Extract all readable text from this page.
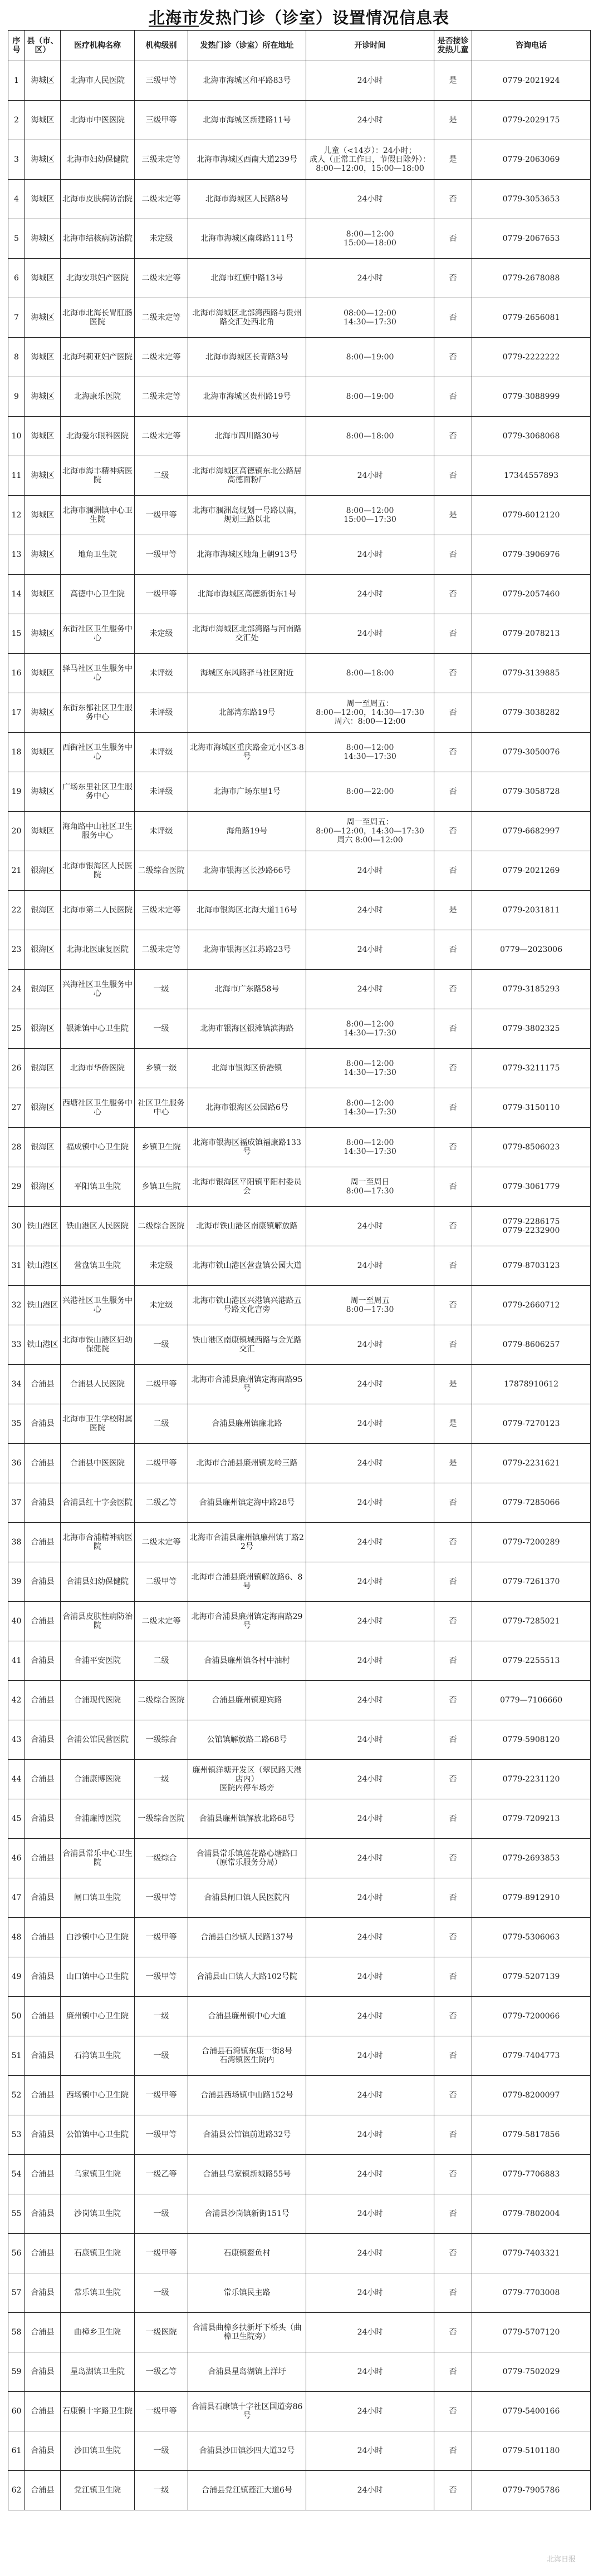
北海市发热门诊（诊室）设置情况信息表
序号	县（市、区）	医疗机构名称	机构级别	发热门诊（诊室）所在地址	开诊时间	是否接诊发热儿童	咨询电话
1	海城区	北海市人民医院	三级甲等	北海市海城区和平路83号	24小时	是	0779-2021924
2	海城区	北海市中医医院	三级甲等	北海市海城区新建路11号	24小时	是	0779-2029175
3	海城区	北海市妇幼保健院	三级未定等	北海市海城区西南大道239号	儿童（<14岁）：24小时；
成人（正常工作日，节假日除外）：
8:00—12:00，15:00—18:00	是	0779-2063069
4	海城区	北海市皮肤病防治院	二级未定等	北海市海城区人民路8号	24小时	否	0779-3053653
5	海城区	北海市结核病防治院	未定级	北海市海城区南珠路111号	8:00—12:00
15:00—18:00	否	0779-2067653
6	海城区	北海安琪妇产医院	二级未定等	北海市红旗中路13号	24小时	否	0779-2678088
7	海城区	北海市北海长胃肛肠医院	二级未定等	北海市海城区北部湾西路与贵州路交汇处西北角	08:00—12:00
14:30—17:30	否	0779-2656081
8	海城区	北海玛莉亚妇产医院	二级未定等	北海市海城区长青路3号	8:00—19:00	否	0779-2222222
9	海城区	北海康乐医院	二级未定等	北海市海城区贵州路19号	8:00—19:00	否	0779-3088999
10	海城区	北海爱尔眼科医院	二级未定等	北海市四川路30号	8:00—18:00	否	0779-3068068
11	海城区	北海市海丰精神病医院	二级	北海市海城区高德镇东北公路居高德面粉厂	24小时	否	17344557893
12	海城区	北海市涠洲镇中心卫生院	一级甲等	北海市涠洲岛规划一号路以南，规划三路以北	8:00—12:00
15:00—17:30	是	0779-6012120
13	海城区	地角卫生院	一级甲等	北海市海城区地角上朝913号	24小时	否	0779-3906976
14	海城区	高德中心卫生院	一级甲等	北海市海城区高德新街东1号	24小时	否	0779-2057460
15	海城区	东街社区卫生服务中心	未定级	北海市海城区北部湾路与河南路交汇处	24小时	否	0779-2078213
16	海城区	驿马社区卫生服务中心	未评级	海城区东风路驿马社区附近	8:00—18:00	否	0779-3139885
17	海城区	东街东都社区卫生服务中心	未评级	北部湾东路19号	周一至周五：
8:00—12:00，14:30—17:30
周六：8:00—12:00	否	0779-3038282
18	海城区	西街社区卫生服务中心	未评级	北海市海城区重庆路金元小区3-8号	8:00—12:00
14:30—17:30	否	0779-3050076
19	海城区	广场东里社区卫生服务中心	未评级	北海市广场东里1号	8:00—22:00	否	0779-3058728
20	海城区	海角路中山社区卫生服务中心	未评级	海角路19号	周一至周五：
8:00—12:00，14:30—17:30
周六 8:00—12:00	否	0779-6682997
21	银海区	北海市银海区人民医院	二级综合医院	北海市银海区长沙路66号	24小时	否	0779-2021269
22	银海区	北海市第二人民医院	三级未定等	北海市银海区北海大道116号	24小时	是	0779-2031811
23	银海区	北海北医康复医院	二级未定等	北海市银海区江苏路23号	24小时	否	0779—2023006
24	银海区	兴海社区卫生服务中心	一级	北海市广东路58号	24小时	否	0779-3185293
25	银海区	银滩镇中心卫生院	一级	北海市银海区银滩镇滨海路	8:00—12:00
14:30—17:30	否	0779-3802325
26	银海区	北海市华侨医院	乡镇一级	北海市银海区侨港镇	8:00—12:00
14:30—17:30	否	0779-3211175
27	银海区	西塘社区卫生服务中心	社区卫生服务中心	北海市银海区公园路6号	8:00—12:00
14:30—17:30	否	0779-3150110
28	银海区	福成镇中心卫生院	乡镇卫生院	北海市银海区福成镇福康路133号	8:00—12:00
14:30—17:30	否	0779-8506023
29	银海区	平阳镇卫生院	乡镇卫生院	北海市银海区平阳镇平阳村委员会	周一至周日
8:00—17:30	否	0779-3061779
30	铁山港区	铁山港区人民医院	二级综合医院	北海市铁山港区南康镇解放路	24小时	否	0779-2286175
0779-2232900
31	铁山港区	营盘镇卫生院	未定级	北海市铁山港区营盘镇公园大道	24小时	否	0779-8703123
32	铁山港区	兴港社区卫生服务中心	未定级	北海市铁山港区兴港镇兴港路五号路文化宫旁	周一至周五
8:00—17:30	否	0779-2660712
33	铁山港区	北海市铁山港区妇幼保健院	一级	铁山港区南康镇城西路与金光路交汇	24小时	否	0779-8606257
34	合浦县	合浦县人民医院	二级甲等	北海市合浦县廉州镇定海南路95号	24小时	是	17878910612
35	合浦县	北海市卫生学校附属医院	二级	合浦县廉州镇廉北路	24小时	是	0779-7270123
36	合浦县	合浦县中医医院	二级甲等	北海市合浦县廉州镇龙岭三路	24小时	是	0779-2231621
37	合浦县	合浦县红十字会医院	二级乙等	合浦县廉州镇定海中路28号	24小时	否	0779-7285066
38	合浦县	北海市合浦精神病医院	二级未定等	北海市合浦县廉州镇廉州镇丁路22号	24小时	否	0779-7200289
39	合浦县	合浦县妇幼保健院	二级甲等	北海市合浦县廉州镇解放路6、8号	24小时	否	0779-7261370
40	合浦县	合浦县皮肤性病防治院	二级未定等	北海市合浦县廉州镇定海南路29号	24小时	否	0779-7285021
41	合浦县	合浦平安医院	二级	合浦县廉州镇各村中油村	24小时	否	0779-2255513
42	合浦县	合浦现代医院	二级综合医院	合浦县廉州镇迎宾路	24小时	否	0779—7106660
43	合浦县	合浦公馆民营医院	一级综合	公馆镇解放路二路68号	24小时	否	0779-5908120
44	合浦县	合浦康博医院	一级	廉州镇洋塘开发区（翠民路天港店内）
医院内停车场旁	24小时	否	0779-2231120
45	合浦县	合浦廉博医院	一级综合医院	合浦县廉州镇解放北路68号	24小时	否	0779-7209213
46	合浦县	合浦县常乐中心卫生院	一级综合	合浦县常乐镇莲花路心塘路口（原常乐服务分局）	24小时	否	0779-2693853
47	合浦县	闸口镇卫生院	一级甲等	合浦县闸口镇人民医院内	24小时	否	0779-8912910
48	合浦县	白沙镇中心卫生院	一级甲等	合浦县白沙镇人民路137号	24小时	否	0779-5306063
49	合浦县	山口镇中心卫生院	一级甲等	合浦县山口镇人大路102号院	24小时	否	0779-5207139
50	合浦县	廉州镇中心卫生院	一级	合浦县廉州镇中心大道	24小时	否	0779-7200066
51	合浦县	石湾镇卫生院	一级	合浦县石湾镇东康一街8号
石湾镇医生院内	24小时	否	0779-7404773
52	合浦县	西场镇中心卫生院	一级甲等	合浦县西场镇中山路152号	24小时	否	0779-8200097
53	合浦县	公馆镇中心卫生院	一级甲等	合浦县公馆镇前进路32号	24小时	否	0779-5817856
54	合浦县	乌家镇卫生院	一级乙等	合浦县乌家镇新城路55号	24小时	否	0779-7706883
55	合浦县	沙岗镇卫生院	一级	合浦县沙岗镇新街151号	24小时	否	0779-7802004
56	合浦县	石康镇卫生院	一级甲等	石康镇鳌鱼村	24小时	否	0779-7403321
57	合浦县	常乐镇卫生院	一级	常乐镇民主路	24小时	否	0779-7703008
58	合浦县	曲樟乡卫生院	一级医院	合浦县曲樟乡扶新圩下桥头（曲樟卫生院旁）	24小时	否	0779-5707120
59	合浦县	星岛湖镇卫生院	一级乙等	合浦县星岛湖镇上洋圩	24小时	否	0779-7502029
60	合浦县	石康镇十字路卫生院	一级甲等	合浦县石康镇十字社区国道旁86号	24小时	否	0779-5400166
61	合浦县	沙田镇卫生院	一级	合浦县沙田镇沙四大道32号	24小时	否	0779-5101180
62	合浦县	党江镇卫生院	一级	合浦县党江镇莲江大道6号	24小时	否	0779-7905786
北海日报
